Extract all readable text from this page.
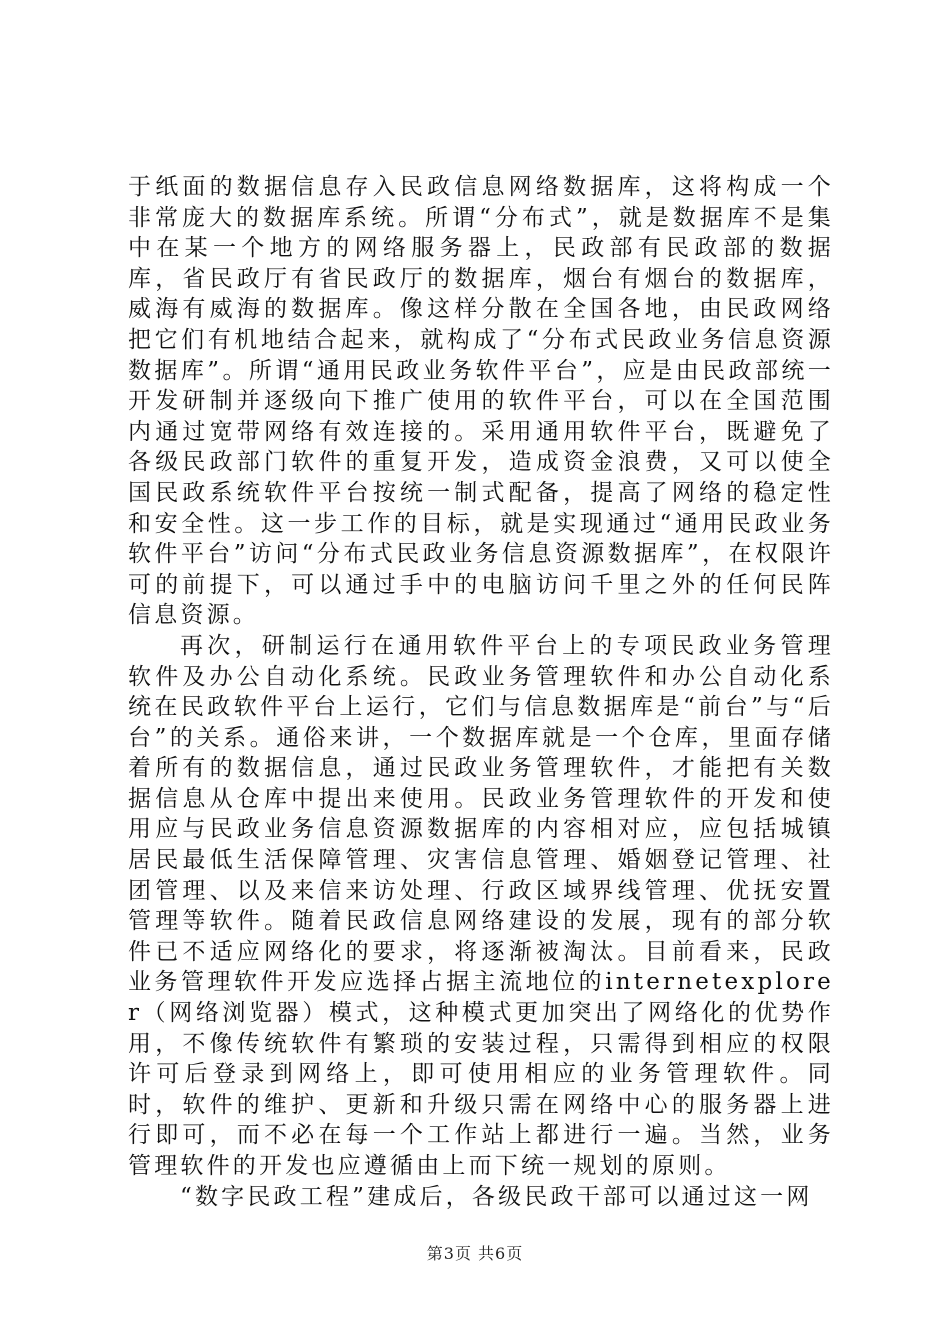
于纸面的数据信息存入民政信息网络数据库，这将构成一个非常庞大的数据库系统。所谓“分布式”，就是数据库不是集中在某一个地方的网络服务器上，民政部有民政部的数据库，省民政厅有省民政厅的数据库，烟台有烟台的数据库，威海有威海的数据库。像这样分散在全国各地，由民政网络把它们有机地结合起来，就构成了“分布式民政业务信息资源数据库”。所谓“通用民政业务软件平台”，应是由民政部统一开发研制并逐级向下推广使用的软件平台，可以在全国范围内通过宽带网络有效连接的。采用通用软件平台，既避免了各级民政部门软件的重复开发，造成资金浪费，又可以使全国民政系统软件平台按统一制式配备，提高了网络的稳定性和安全性。这一步工作的目标，就是实现通过“通用民政业务软件平台”访问“分布式民政业务信息资源数据库”，在权限许可的前提下，可以通过手中的电脑访问千里之外的任何民阵信息资源。

再次，研制运行在通用软件平台上的专项民政业务管理软件及办公自动化系统。民政业务管理软件和办公自动化系统在民政软件平台上运行，它们与信息数据库是“前台”与“后台”的关系。通俗来讲，一个数据库就是一个仓库，里面存储着所有的数据信息，通过民政业务管理软件，才能把有关数据信息从仓库中提出来使用。民政业务管理软件的开发和使用应与民政业务信息资源数据库的内容相对应，应包括城镇居民最低生活保障管理、灾害信息管理、婚姻登记管理、社团管理、以及来信来访处理、行政区域界线管理、优抚安置管理等软件。随着民政信息网络建设的发展，现有的部分软件已不适应网络化的要求，将逐渐被淘汰。目前看来，民政业务管理软件开发应选择占据主流地位的internetexplorer（网络浏览器）模式，这种模式更加突出了网络化的优势作用，不像传统软件有繁琐的安装过程，只需得到相应的权限许可后登录到网络上，即可使用相应的业务管理软件。同时，软件的维护、更新和升级只需在网络中心的服务器上进行即可，而不必在每一个工作站上都进行一遍。当然，业务管理软件的开发也应遵循由上而下统一规划的原则。

“数字民政工程”建成后，各级民政干部可以通过这一网

第3页 共6页
